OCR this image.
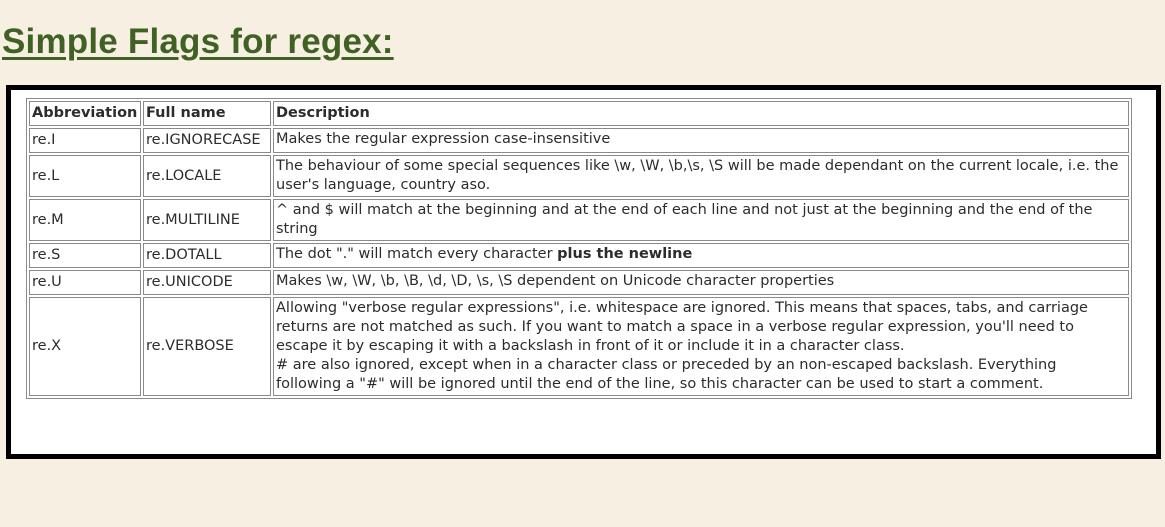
Simple Flags for regex:
Abbreviation	Full name	Description
re.I	re.IGNORECASE	Makes the regular expression case-insensitive
re.L	re.LOCALE	The behaviour of some special sequences like \w, \W, \b,\s, \S will be made dependant on the current locale, i.e. the user's language, country aso.
re.M	re.MULTILINE	^ and $ will match at the beginning and at the end of each line and not just at the beginning and the end of the string
re.S	re.DOTALL	The dot "." will match every character plus the newline
re.U	re.UNICODE	Makes \w, \W, \b, \B, \d, \D, \s, \S dependent on Unicode character properties
re.X	re.VERBOSE	Allowing "verbose regular expressions", i.e. whitespace are ignored. This means that spaces, tabs, and carriage returns are not matched as such. If you want to match a space in a verbose regular expression, you'll need to escape it by escaping it with a backslash in front of it or include it in a character class.
# are also ignored, except when in a character class or preceded by an non-escaped backslash. Everything following a "#" will be ignored until the end of the line, so this character can be used to start a comment.
